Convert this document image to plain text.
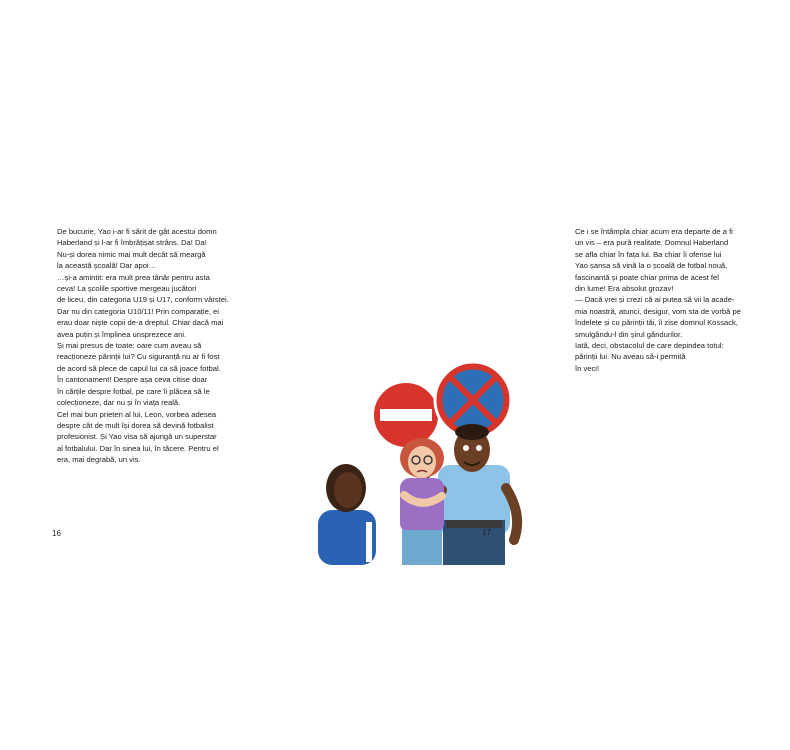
De bucurie, Yao i-ar fi sărit de gât acestui domn
Haberland și l-ar fi îmbrățișat strâns. Da! Da!
Nu-și dorea nimic mai mult decât să meargă
la această școală! Dar apoi…
…și-a amintit: era mult prea tânăr pentru asta
ceva! La școlile sportive mergeau jucători
de liceu, din categoria U19 și U17, conform vârstei.
Dar nu din categoria U10/11! Prin comparație, ei
erau doar niște copii de-a dreptul. Chiar dacă mai
avea puțin și împlinea unsprezece ani.
Și mai presus de toate: oare cum aveau să
reacționeze părinții lui? Cu siguranță nu ar fi fost
de acord să plece de capul lui ca să joace fotbal.
În cantonament! Despre așa ceva citise doar
în cărțile despre fotbal, pe care îi plăcea să le
colecționeze, dar nu și în viața reală.
Cel mai bun prieten al lui, Leon, vorbea adesea
despre cât de mult își dorea să devină fotbalist
profesionist. Și Yao visa să ajungă un superstar
al fotbalului. Dar în sinea lui, în tăcere. Pentru el
era, mai degrabă, un vis.
16
Ce i se întâmpla chiar acum era departe de a fi
un vis – era pură realitate. Domnul Haberland
se afla chiar în fața lui. Ba chiar îi oferise lui
Yao șansa să vină la o școală de fotbal nouă,
fascinantă și poate chiar prima de acest fel
din lume! Era absolut grozav!
— Dacă vrei și crezi că ai putea să vii la acade-
mia noastră, atunci, desigur, vom sta de vorbă pe
îndelete și cu părinții tăi, îi zise domnul Kossack,
smulgându-l din șirul gândurilor.
Iată, deci, obstacolul de care depindea totul:
părinții lui. Nu aveau să-i permită
în veci!
17
